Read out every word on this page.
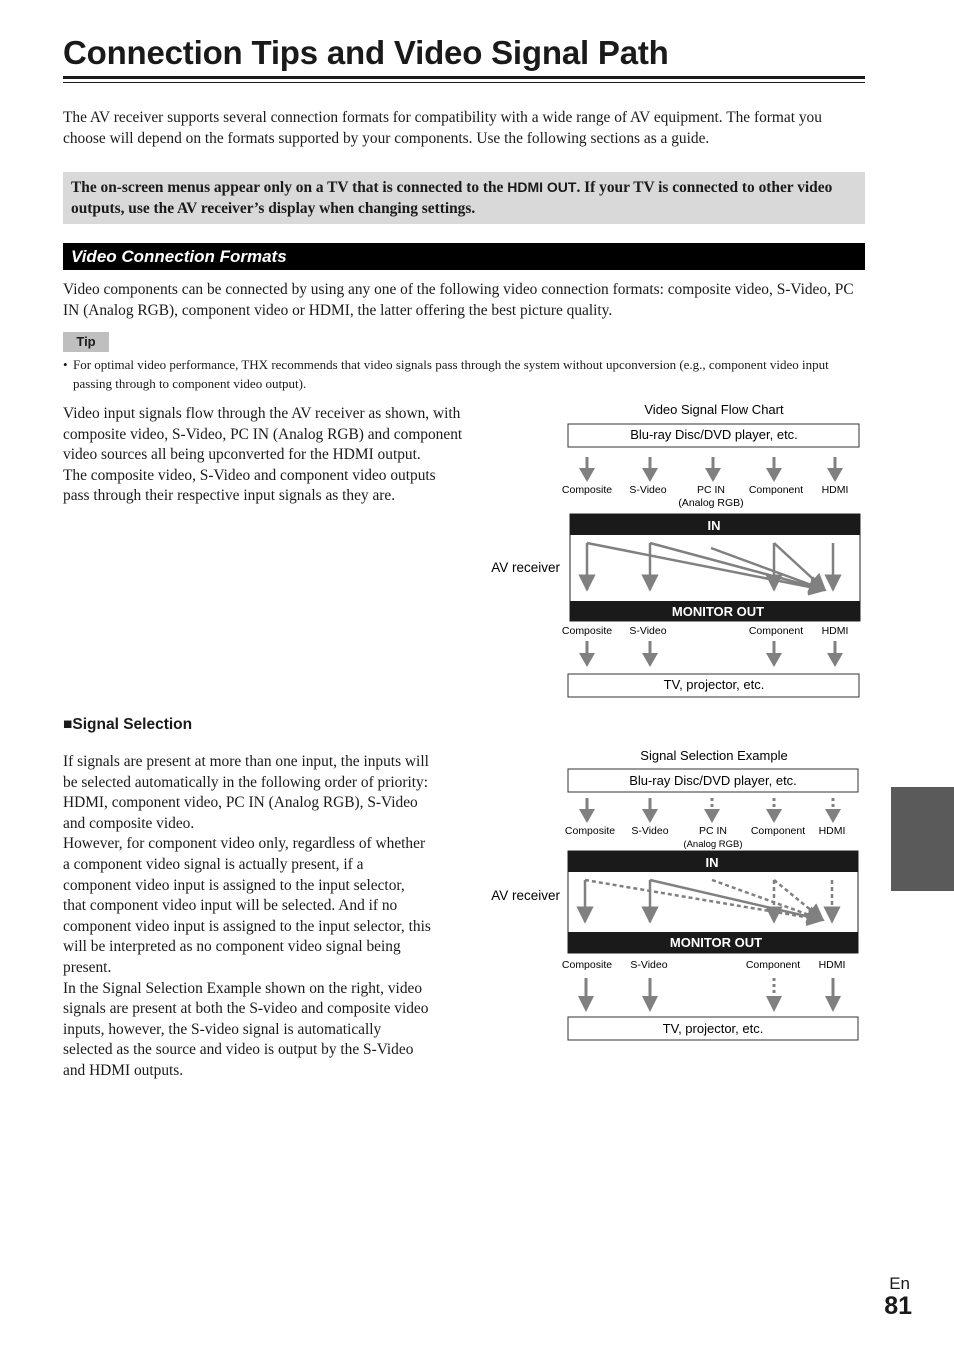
Connection Tips and Video Signal Path
The AV receiver supports several connection formats for compatibility with a wide range of AV equipment. The format you choose will depend on the formats supported by your components. Use the following sections as a guide.
The on-screen menus appear only on a TV that is connected to the HDMI OUT. If your TV is connected to other video outputs, use the AV receiver’s display when changing settings.
Video Connection Formats
Video components can be connected by using any one of the following video connection formats: composite video, S-Video, PC IN (Analog RGB), component video or HDMI, the latter offering the best picture quality.
Tip
• For optimal video performance, THX recommends that video signals pass through the system without upconversion (e.g., component video input passing through to component video output).
Video input signals flow through the AV receiver as shown, with composite video, S-Video, PC IN (Analog RGB) and component video sources all being upconverted for the HDMI output.
The composite video, S-Video and component video outputs pass through their respective input signals as they are.
■Signal Selection
If signals are present at more than one input, the inputs will be selected automatically in the following order of priority: HDMI, component video, PC IN (Analog RGB), S-Video and composite video.
However, for component video only, regardless of whether a component video signal is actually present, if a component video input is assigned to the input selector, that component video input will be selected. And if no component video input is assigned to the input selector, this will be interpreted as no component video signal being present.
In the Signal Selection Example shown on the right, video signals are present at both the S-video and composite video inputs, however, the S-video signal is automatically selected as the source and video is output by the S-Video and HDMI outputs.
Video Signal Flow Chart
Blu-ray Disc/DVD player, etc.
Composite S-Video	PC IN
(Analog RGB)
Component HDMI
IN
MONITOR OUT
AV receiver
Composite S-Video	Component HDMI
TV, projector, etc.
Signal Selection Example
Blu-ray Disc/DVD player, etc.
Composite S-Video	PC IN
(Analog RGB)
Component HDMI
IN
MONITOR OUT
AV receiver
Composite S-Video	Component HDMI
TV, projector, etc.
En
81
